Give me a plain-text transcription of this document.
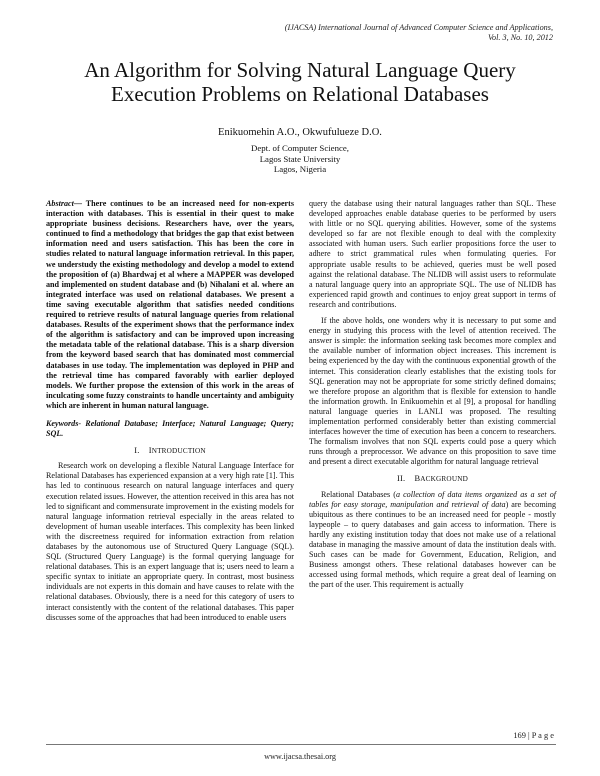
(IJACSA) International Journal of Advanced Computer Science and Applications,
Vol. 3, No. 10, 2012
An Algorithm for Solving Natural Language Query Execution Problems on Relational Databases
Enikuomehin A.O., Okwufulueze D.O.
Dept. of Computer Science,
Lagos State University
Lagos, Nigeria

Abstract— There continues to be an increased need for non-experts interaction with databases. This is essential in their quest to make appropriate business decisions. Researchers have, over the years, continued to find a methodology that bridges the gap that exist between information need and users satisfaction. This has been the core in studies related to natural language information retrieval. In this paper, we understudy the existing methodology and develop a model to extend the proposition of (a) Bhardwaj et al where a MAPPER was developed and implemented on student database and (b) Nihalani et al. where an integrated interface was used on relational databases. We present a time saving executable algorithm that satisfies needed conditions required to retrieve results of natural language queries from relational databases. Results of the experiment shows that the performance index of the algorithm is satisfactory and can be improved upon increasing the metadata table of the relational database. This is a sharp diversion from the keyword based search that has dominated most commercial databases in use today. The implementation was deployed in PHP and the retrieval time has compared favorably with earlier deployed models. We further propose the extension of this work in the areas of inculcating some fuzzy constraints to handle uncertainty and ambiguity which are inherent in human natural language.

Keywords- Relational Database; Interface; Natural Language; Query; SQL.

I. INTRODUCTION

Research work on developing a flexible Natural Language Interface for Relational Databases has experienced expansion at a very high rate [1]. This has led to continuous research on natural language interfaces and query execution related issues. However, the attention received in this area has not led to significant and commensurate improvement in the existing models for natural language information retrieval especially in the areas related to development of human useable interfaces. This complexity has been linked with the discreetness required for information extraction from relation databases by the autonomous use of Structured Query Language (SQL). SQL (Structured Query Language) is the formal querying language for relational databases. This is an expert language that is; users need to learn a specific syntax to initiate an appropriate query. In contrast, most business individuals are not experts in this domain and have causes to relate with the relational databases. Obviously, there is a need for this category of users to interact consistently with the content of the relational databases. This paper discusses some of the approaches that had been introduced to enable users

query the database using their natural languages rather than SQL. These developed approaches enable database queries to be performed by users with little or no SQL querying abilities. However, some of the systems developed so far are not flexible enough to deal with the complexity associated with human users. Such earlier propositions force the user to adhere to strict grammatical rules when formulating queries. For appropriate usable results to be achieved, queries must be well posed against the relational database. The NLIDB will assist users to reformulate a natural language query into an appropriate SQL. The use of NLIDB has experienced rapid growth and continues to enjoy great support in terms of research and contributions.

If the above holds, one wonders why it is necessary to put some and energy in studying this process with the level of attention received. The answer is simple: the information seeking task becomes more complex and the available number of information object increases. This increment is being experienced by the day with the continuous exponential growth of the internet. This consideration clearly establishes that the existing tools for SQL generation may not be appropriate for some strictly defined domains; we therefore propose an algorithm that is flexible for extension to handle the information growth. In Enikuomehin et al [9], a proposal for handling natural language queries in LANLI was proposed. The resulting implementation performed considerably better than existing commercial interfaces however the time of execution has been a concern to researchers. The formalism involves that non SQL experts could pose a query which runs through a preprocessor. We advance on this proposition to save time and present a direct executable algorithm for natural language retrieval

II. BACKGROUND

Relational Databases (a collection of data items organized as a set of tables for easy storage, manipulation and retrieval of data) are becoming ubiquitous as there continues to be an increased need for people - mostly laypeople – to query databases and gain access to information. There is hardly any existing institution today that does not make use of a relational database in managing the massive amount of data the institution deals with. Such cases can be made for Government, Education, Religion, and Business amongst others. These relational databases however can be accessed using formal methods, which require a great deal of learning on the part of the user. This requirement is actually

169 | P a g e
www.ijacsa.thesai.org
